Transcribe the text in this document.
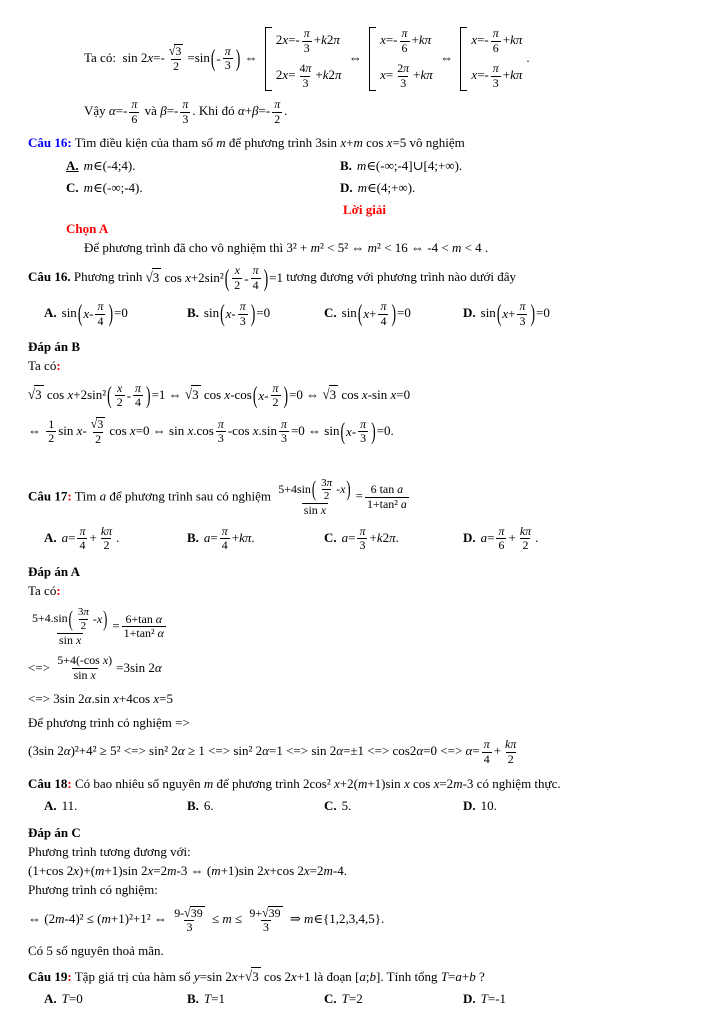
Ta có:  $\sin 2x=- \frac{√ 3}{2} =\sin$ ( - $\frac{\pi}{3}$ ) ⇔
$2x=- \frac{\pi}{3} +k2\pi$
$2x= \frac{4\pi}{3} +k2\pi$
⇔
$x=- \frac{\pi}{6} +k\pi$
$x= \frac{2\pi}{3} +k\pi$
⇔
$x=- \frac{\pi}{6} +k\pi$
$x=- \frac{\pi}{3} +k\pi$
.
Vậy $\alpha=- \frac{\pi}{6}$ và $\beta=- \frac{\pi}{3}$ . Khi đó $\alpha+\beta=- \frac{\pi}{2}$ .
Câu 16: Tìm điều kiện của tham số m để phương trình 3sin x+m cos x=5 vô nghiệm
A. m∈(-4;4).	B. m∈(-∞;-4]∪[4;+∞).
C. m∈(-∞;-4).	D. m∈(4;+∞).
Lời giải
Chọn A
Để phương trình đã cho vô nghiệm thì 3² + m² < 5² ⇔ m² < 16 ⇔ -4 < m < 4 .
Câu 16. Phương trình √ 3 cos x+2sin² ( $\frac{x}{2} - \frac{\pi}{4}$ ) =1 tương đương với phương trình nào dưới đây
A. sin ( x - $\frac{\pi}{4}$ ) =0	B. sin ( x - $\frac{\pi}{3}$ ) =0	C. sin ( $x + \frac{\pi}{4}$ ) =0	D. sin ( $x + \frac{\pi}{3}$ ) =0
Đáp án B
Ta có:
√ 3 cos x+2sin² ( $\frac{x}{2} - \frac{\pi}{4}$ ) =1 ⇔ √ 3 cos x-cos ( x - $\frac{\pi}{2}$ ) =0 ⇔ √ 3 cos x-sin x=0
⇔ $\frac{1}{2}$ $\sin x- \frac{√ 3}{2}$ cos x=0 ⇔ $\sin x.\cos \frac{\pi}{3} -\cos$ $x.\sin \frac{\pi}{3} =0$ ⇔ sin ( x - $\frac{\pi}{3}$ ) =0.
Câu 17: Tìm a để phương trình sau có nghiệm $\frac{5+4\sin ( \frac{3\pi}{2} - x )}{\text{sin x}} = \frac{\text{6 tan a}}{\text{1+tan² a}}$
A. $a= \frac{\pi}{4} + \frac{k\pi}{2}$ .	B. $a= \frac{\pi}{4} +k\pi$.	C. $a= \frac{\pi}{3} +k2\pi$.	D. $a= \frac{\pi}{6} + \frac{k\pi}{2}$ .
Đáp án A
Ta có:
$\frac{5+4.\sin ( \frac{3\pi}{2} - x )}{\text{sin x}} = \frac{\text{6+tan α}}{\text{1+tan² α}}$
<=> $\frac{\text{5+4(-cos x)}}{\text{sin x}} =3\sin$ 2α
<=> 3sin 2α.sin x+4cos x=5
Để phương trình có nghiệm =>
(3sin 2α)²+4² ≥ 5² <=> sin² 2α ≥ 1 <=> sin² 2α=1 <=> sin 2α=±1 <=> cos2α=0 <=> $\alpha= \frac{\pi}{4} + \frac{k\pi}{2}$
Câu 18: Có bao nhiêu số nguyên m để phương trình 2cos² x+2(m+1)sin x cos x=2m-3 có nghiệm thực.
A. 11.	B. 6.	C. 5.	D. 10.
Đáp án C
Phương trình tương đương với:
(1+cos 2x)+(m+1)sin 2x=2m-3 ⇔ (m+1)sin 2x+cos 2x=2m-4.
Phương trình có nghiệm:
⇔ (2m-4)² ≤ (m+1)²+1² ⇔ $\frac{9- √ 39}{3} \le m \le \frac{9+ √ 39}{3}$ ⇒ m∈{1,2,3,4,5}.
Có 5 số nguyên thoả mãn.
Câu 19: Tập giá trị của hàm số y=sin 2x+ √ 3 cos 2x+1 là đoạn [a;b]. Tính tổng T=a+b ?
A. T=0	B. T=1	C. T=2	D. T=-1
